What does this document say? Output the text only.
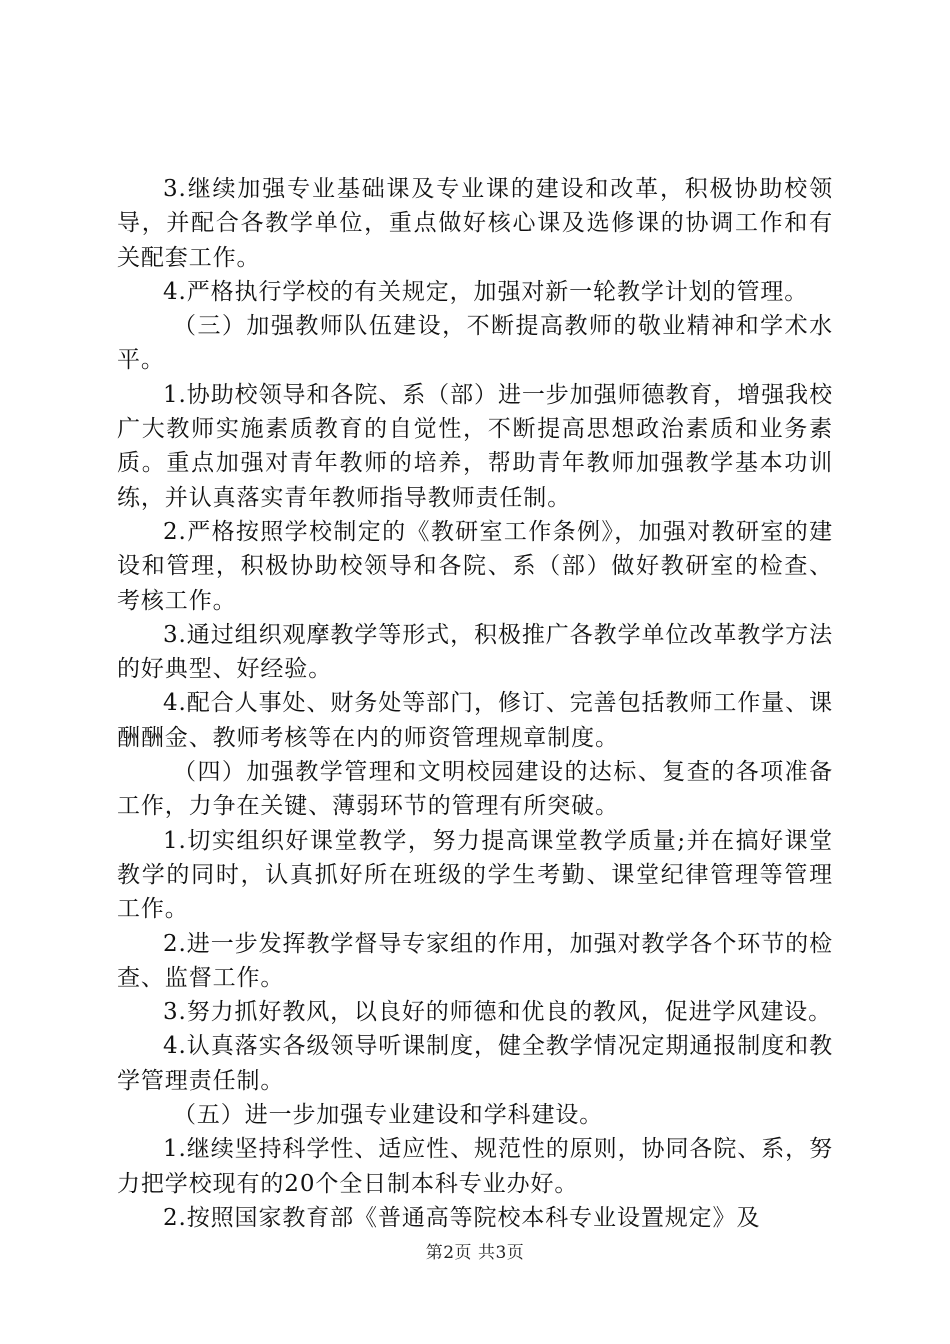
3.继续加强专业基础课及专业课的建设和改革，积极协助校领导，并配合各教学单位，重点做好核心课及选修课的协调工作和有关配套工作。

4.严格执行学校的有关规定，加强对新一轮教学计划的管理。

（三）加强教师队伍建设，不断提高教师的敬业精神和学术水平。

1.协助校领导和各院、系（部）进一步加强师德教育，增强我校广大教师实施素质教育的自觉性，不断提高思想政治素质和业务素质。重点加强对青年教师的培养，帮助青年教师加强教学基本功训练，并认真落实青年教师指导教师责任制。

2.严格按照学校制定的《教研室工作条例》，加强对教研室的建设和管理，积极协助校领导和各院、系（部）做好教研室的检查、考核工作。

3.通过组织观摩教学等形式，积极推广各教学单位改革教学方法的好典型、好经验。

4.配合人事处、财务处等部门，修订、完善包括教师工作量、课酬酬金、教师考核等在内的师资管理规章制度。

（四）加强教学管理和文明校园建设的达标、复查的各项准备工作，力争在关键、薄弱环节的管理有所突破。

1.切实组织好课堂教学，努力提高课堂教学质量;并在搞好课堂教学的同时，认真抓好所在班级的学生考勤、课堂纪律管理等管理工作。

2.进一步发挥教学督导专家组的作用，加强对教学各个环节的检查、监督工作。

3.努力抓好教风，以良好的师德和优良的教风，促进学风建设。

4.认真落实各级领导听课制度，健全教学情况定期通报制度和教学管理责任制。

（五）进一步加强专业建设和学科建设。

1.继续坚持科学性、适应性、规范性的原则，协同各院、系，努力把学校现有的20个全日制本科专业办好。

2.按照国家教育部《普通高等院校本科专业设置规定》及

第2页 共3页
